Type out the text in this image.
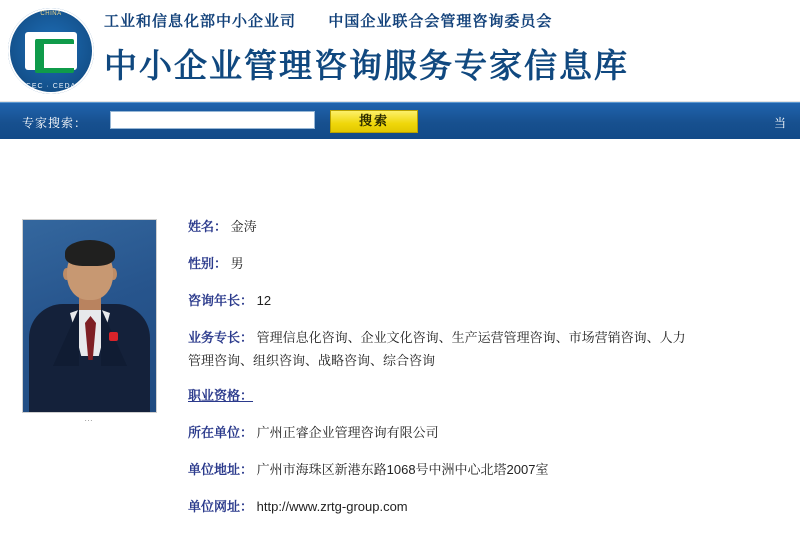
CHINA
CEC · CEDA
工业和信息化部中小企业司 中国企业联合会管理咨询委员会
中小企业管理咨询服务专家信息库
专家搜索：	搜索	当
…
姓名： 金涛
性别： 男
咨询年长： 12
业务专长： 管理信息化咨询、企业文化咨询、生产运营管理咨询、市场营销咨询、人力
管理咨询、组织咨询、战略咨询、综合咨询
职业资格：
所在单位： 广州正睿企业管理咨询有限公司
单位地址： 广州市海珠区新港东路1068号中洲中心北塔2007室
单位网址： http://www.zrtg-group.com
